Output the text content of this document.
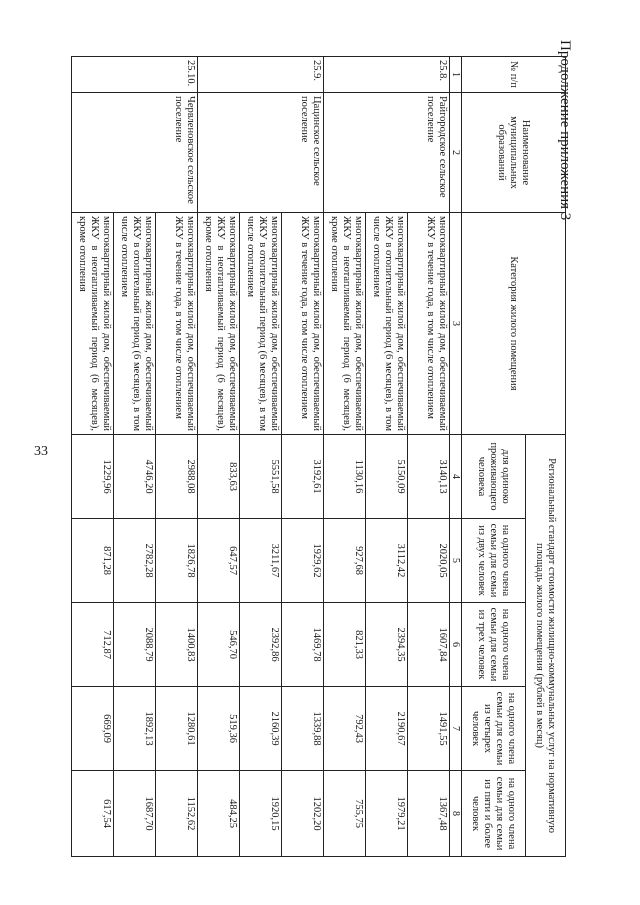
33
Продолжение приложения 3
№ п/п	Наименование муниципальных образований	Категория жилого помещения	Региональный стандарт стоимости жилищно-коммунальных услуг на нормативную площадь жилого помещения (рублей в месяц)				
			для одиноко проживающего человека	на одного члена семьи для семьи из двух человек	на одного члена семьи для семьи из трех человек	на одного члена семьи для семьи из четырех человек	на одного члена семьи для семьи из пяти и более человек
1	2	3	4	5	6	7	8
25.8.	Райгородское сельское поселение	многоквартирный жилой дом, обеспечиваемый ЖКУ в течение года, в том числе отоплением	3140,13	2020,05	1607,84	1491,55	1367,48
		многоквартирный жилой дом, обеспечиваемый ЖКУ в отопительный период (6 месяцев), в том числе отоплением	5150,09	3112,42	2394,35	2190,67	1979,21
		многоквартирный жилой дом, обеспечиваемый ЖКУ в неотапливаемый период (6 месяцев), кроме отопления	1130,16	927,68	821,33	792,43	755,75
25.9.	Цацинское сельское поселение	многоквартирный жилой дом, обеспечиваемый ЖКУ в течение года, в том числе отоплением	3192,61	1929,62	1469,78	1339,88	1202,20
		многоквартирный жилой дом, обеспечиваемый ЖКУ в отопительный период (6 месяцев), в том числе отоплением	5551,58	3211,67	2392,86	2160,39	1920,15
		многоквартирный жилой дом, обеспечиваемый ЖКУ в неотапливаемый период (6 месяцев), кроме отопления	833,63	647,57	546,70	519,36	484,25
25.10.	Червленовское сельское поселение	многоквартирный жилой дом, обеспечиваемый ЖКУ в течение года, в том числе отоплением	2988,08	1826,78	1400,83	1280,61	1152,62
		многоквартирный жилой дом, обеспечиваемый ЖКУ в отопительный период (6 месяцев), в том числе отоплением	4746,20	2782,28	2088,79	1892,13	1687,70
		многоквартирный жилой дом, обеспечиваемый ЖКУ в неотапливаемый период (6 месяцев), кроме отопления	1229,96	871,28	712,87	669,09	617,54
